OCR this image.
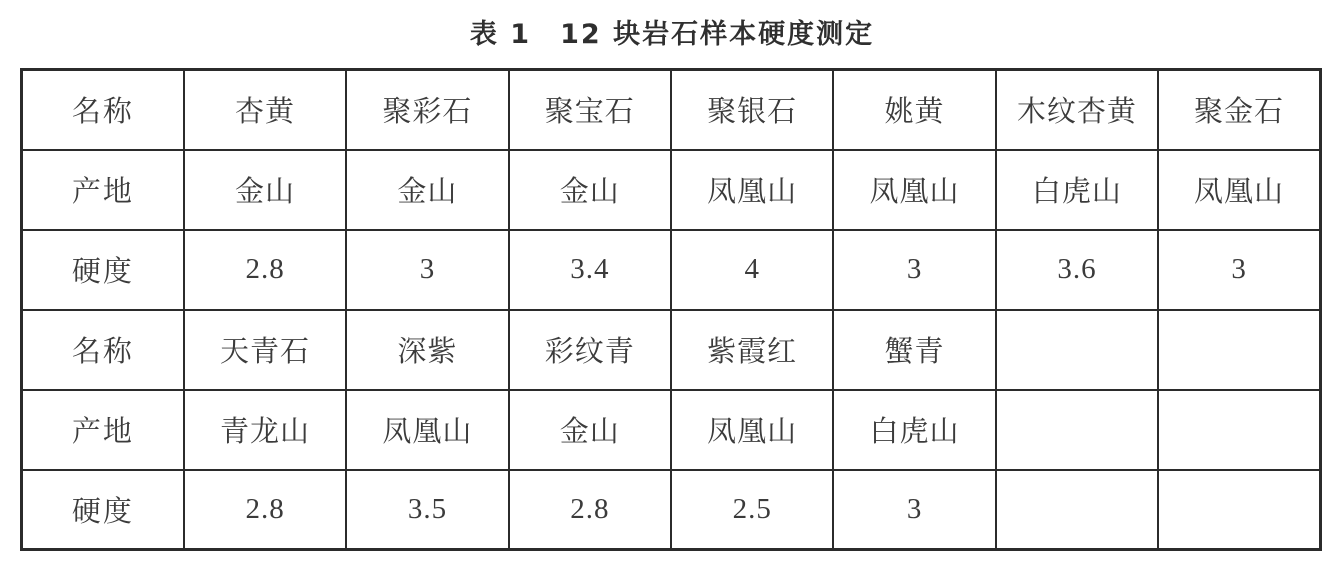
表 1　12 块岩石样本硬度测定
名称	杏黄	聚彩石	聚宝石	聚银石	姚黄	木纹杏黄	聚金石
产地	金山	金山	金山	凤凰山	凤凰山	白虎山	凤凰山
硬度	2.8	3	3.4	4	3	3.6	3
名称	天青石	深紫	彩纹青	紫霞红	蟹青		
产地	青龙山	凤凰山	金山	凤凰山	白虎山		
硬度	2.8	3.5	2.8	2.5	3		
